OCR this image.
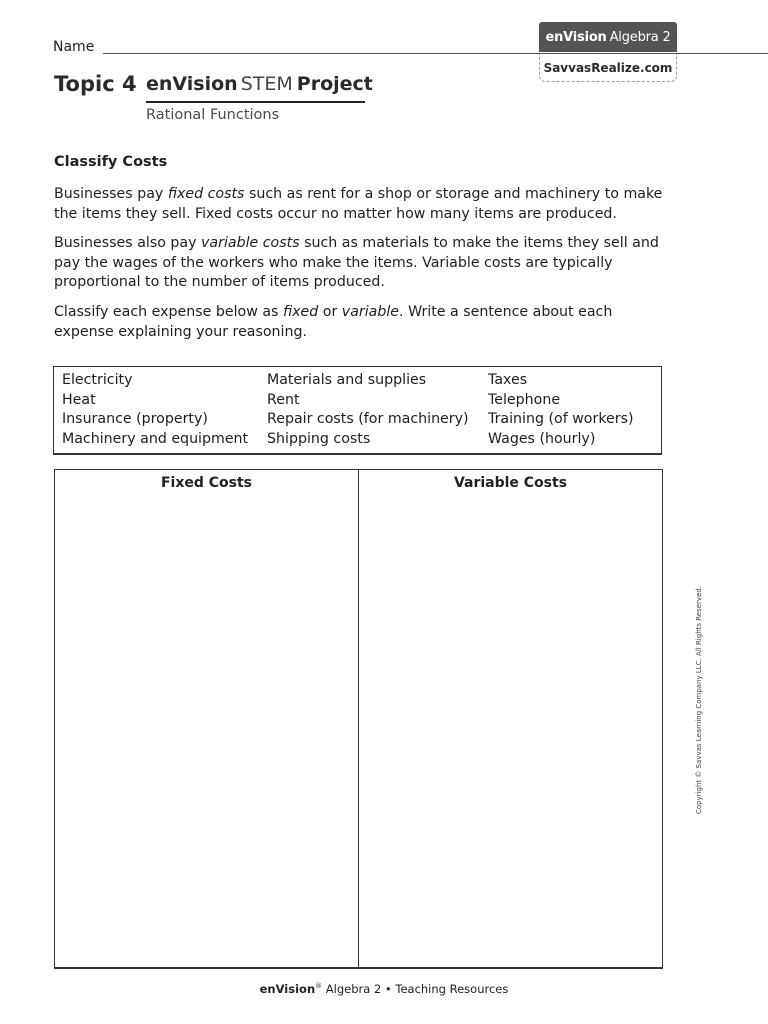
Name
enVision Algebra 2
SavvasRealize.com
Topic 4 enVision STEM Project
Rational Functions
Classify Costs
Businesses pay fixed costs such as rent for a shop or storage and machinery to make the items they sell. Fixed costs occur no matter how many items are produced.
Businesses also pay variable costs such as materials to make the items they sell and pay the wages of the workers who make the items. Variable costs are typically proportional to the number of items produced.
Classify each expense below as fixed or variable. Write a sentence about each expense explaining your reasoning.
Electricity
Heat
Insurance (property)
Machinery and equipment
Materials and supplies
Rent
Repair costs (for machinery)
Shipping costs
Taxes
Telephone
Training (of workers)
Wages (hourly)
Fixed Costs	Variable Costs
Copyright © Savvas Learning Company LLC. All Rights Reserved.
enVision® Algebra 2 • Teaching Resources
